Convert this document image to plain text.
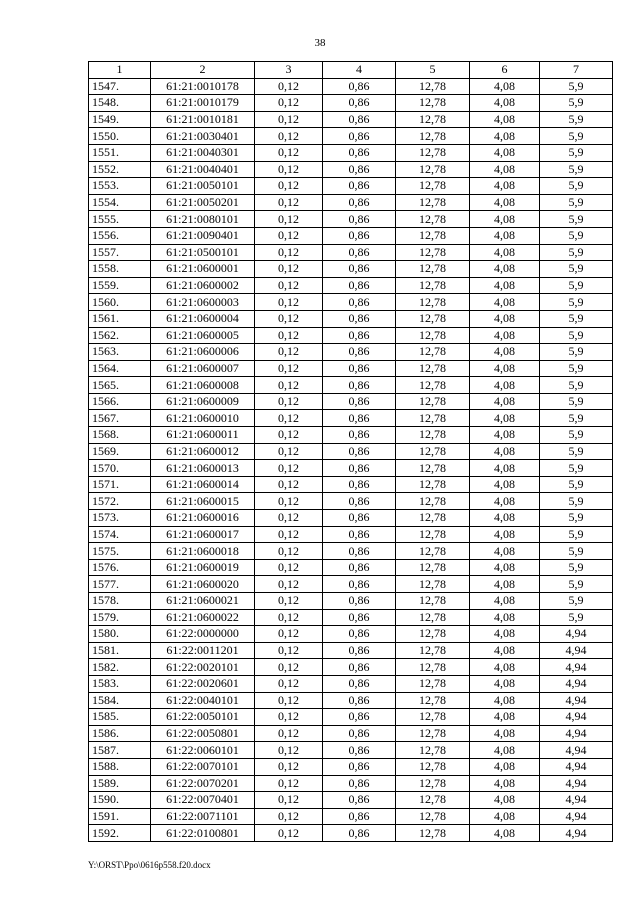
38
1	2	3	4	5	6	7
1547.	61:21:0010178	0,12	0,86	12,78	4,08	5,9
1548.	61:21:0010179	0,12	0,86	12,78	4,08	5,9
1549.	61:21:0010181	0,12	0,86	12,78	4,08	5,9
1550.	61:21:0030401	0,12	0,86	12,78	4,08	5,9
1551.	61:21:0040301	0,12	0,86	12,78	4,08	5,9
1552.	61:21:0040401	0,12	0,86	12,78	4,08	5,9
1553.	61:21:0050101	0,12	0,86	12,78	4,08	5,9
1554.	61:21:0050201	0,12	0,86	12,78	4,08	5,9
1555.	61:21:0080101	0,12	0,86	12,78	4,08	5,9
1556.	61:21:0090401	0,12	0,86	12,78	4,08	5,9
1557.	61:21:0500101	0,12	0,86	12,78	4,08	5,9
1558.	61:21:0600001	0,12	0,86	12,78	4,08	5,9
1559.	61:21:0600002	0,12	0,86	12,78	4,08	5,9
1560.	61:21:0600003	0,12	0,86	12,78	4,08	5,9
1561.	61:21:0600004	0,12	0,86	12,78	4,08	5,9
1562.	61:21:0600005	0,12	0,86	12,78	4,08	5,9
1563.	61:21:0600006	0,12	0,86	12,78	4,08	5,9
1564.	61:21:0600007	0,12	0,86	12,78	4,08	5,9
1565.	61:21:0600008	0,12	0,86	12,78	4,08	5,9
1566.	61:21:0600009	0,12	0,86	12,78	4,08	5,9
1567.	61:21:0600010	0,12	0,86	12,78	4,08	5,9
1568.	61:21:0600011	0,12	0,86	12,78	4,08	5,9
1569.	61:21:0600012	0,12	0,86	12,78	4,08	5,9
1570.	61:21:0600013	0,12	0,86	12,78	4,08	5,9
1571.	61:21:0600014	0,12	0,86	12,78	4,08	5,9
1572.	61:21:0600015	0,12	0,86	12,78	4,08	5,9
1573.	61:21:0600016	0,12	0,86	12,78	4,08	5,9
1574.	61:21:0600017	0,12	0,86	12,78	4,08	5,9
1575.	61:21:0600018	0,12	0,86	12,78	4,08	5,9
1576.	61:21:0600019	0,12	0,86	12,78	4,08	5,9
1577.	61:21:0600020	0,12	0,86	12,78	4,08	5,9
1578.	61:21:0600021	0,12	0,86	12,78	4,08	5,9
1579.	61:21:0600022	0,12	0,86	12,78	4,08	5,9
1580.	61:22:0000000	0,12	0,86	12,78	4,08	4,94
1581.	61:22:0011201	0,12	0,86	12,78	4,08	4,94
1582.	61:22:0020101	0,12	0,86	12,78	4,08	4,94
1583.	61:22:0020601	0,12	0,86	12,78	4,08	4,94
1584.	61:22:0040101	0,12	0,86	12,78	4,08	4,94
1585.	61:22:0050101	0,12	0,86	12,78	4,08	4,94
1586.	61:22:0050801	0,12	0,86	12,78	4,08	4,94
1587.	61:22:0060101	0,12	0,86	12,78	4,08	4,94
1588.	61:22:0070101	0,12	0,86	12,78	4,08	4,94
1589.	61:22:0070201	0,12	0,86	12,78	4,08	4,94
1590.	61:22:0070401	0,12	0,86	12,78	4,08	4,94
1591.	61:22:0071101	0,12	0,86	12,78	4,08	4,94
1592.	61:22:0100801	0,12	0,86	12,78	4,08	4,94
Y:\ORST\Ppo\0616p558.f20.docx
